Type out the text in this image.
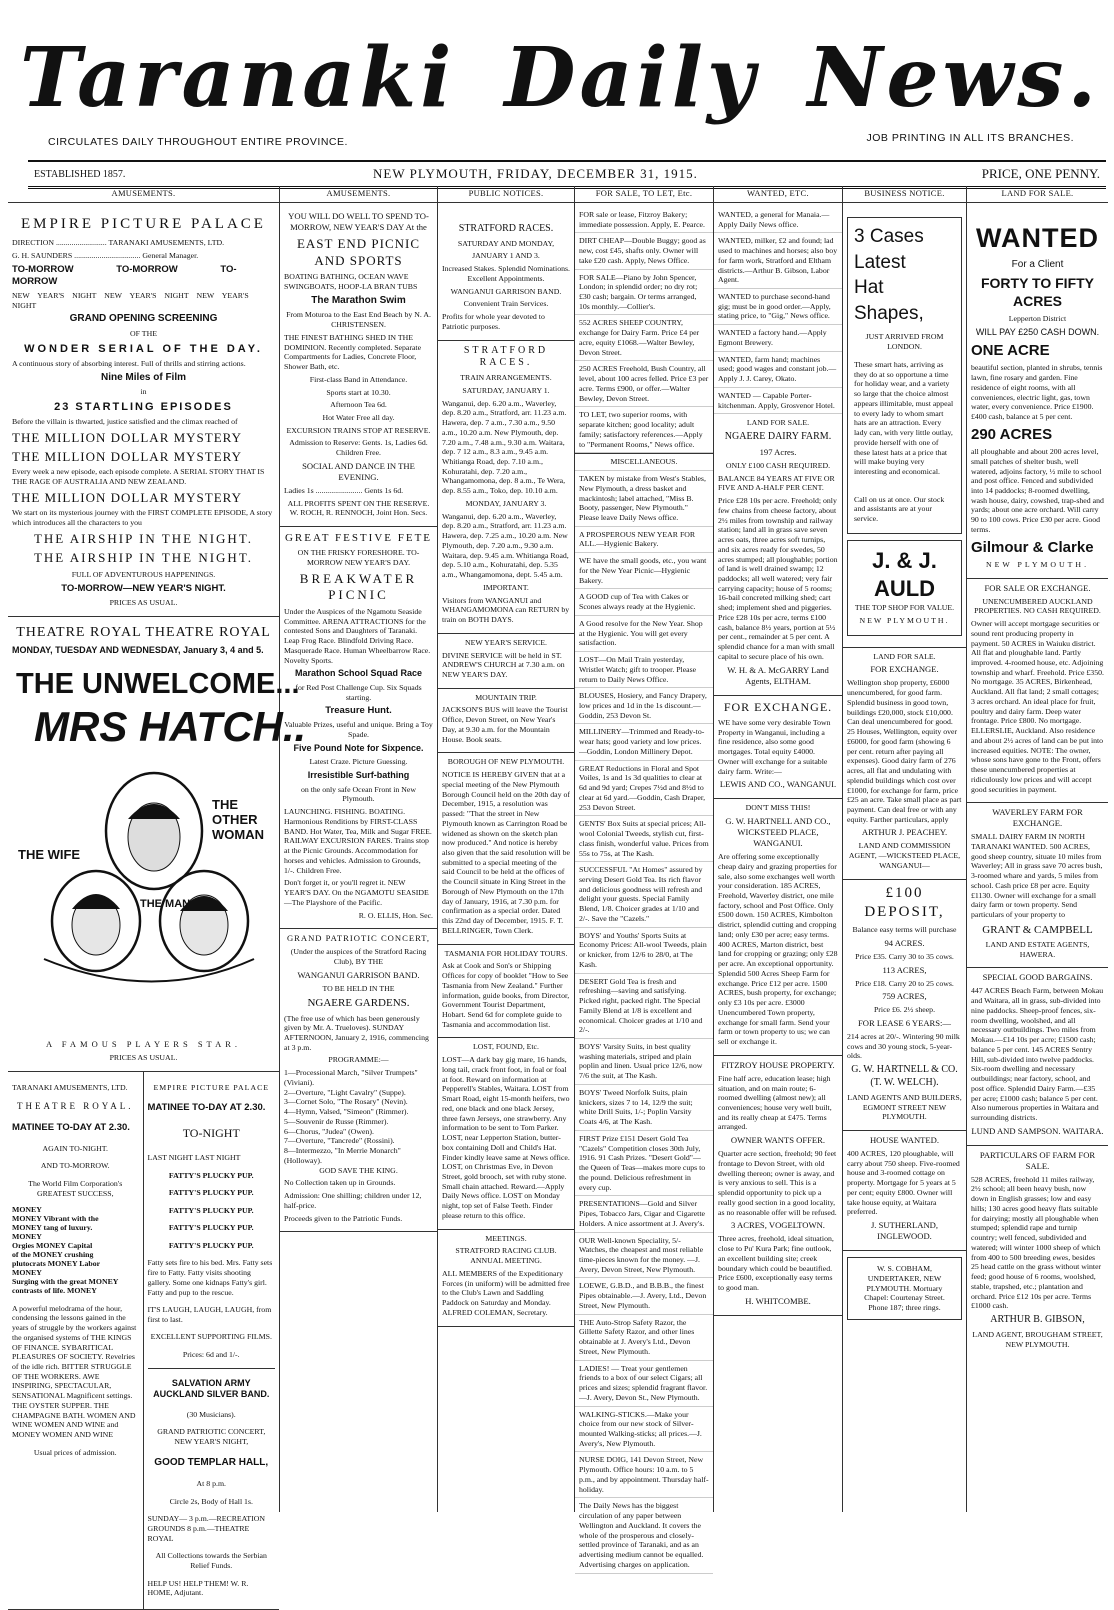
Taranaki Daily News.
CIRCULATES DAILY THROUGHOUT ENTIRE PROVINCE.	JOB PRINTING IN ALL ITS BRANCHES.
ESTABLISHED 1857.	NEW PLYMOUTH, FRIDAY, DECEMBER 31, 1915.	PRICE, ONE PENNY.
AMUSEMENTS.
EMPIRE PICTURE PALACE

DIRECTION .......................... TARANAKI AMUSEMENTS, LTD.

G. H. SAUNDERS .................................. General Manager.

TO-MORROW TO-MORROW TO-MORROW

NEW YEAR'S NIGHT NEW YEAR'S NIGHT NEW YEAR'S NIGHT

GRAND OPENING SCREENING

OF THE

WONDER SERIAL OF THE DAY.

A continuous story of absorbing interest. Full of thrills and stirring actions.

Nine Miles of Film

in

23 STARTLING EPISODES

Before the villain is thwarted, justice satisfied and the climax reached of

THE MILLION DOLLAR MYSTERY
THE MILLION DOLLAR MYSTERY

Every week a new episode, each episode complete. A SERIAL STORY THAT IS THE RAGE OF AUSTRALIA AND NEW ZEALAND.

THE MILLION DOLLAR MYSTERY

We start on its mysterious journey with the FIRST COMPLETE EPISODE, A story which introduces all the characters to you

THE AIRSHIP IN THE NIGHT.
THE AIRSHIP IN THE NIGHT.

FULL OF ADVENTUROUS HAPPENINGS.

TO-MORROW—NEW YEAR'S NIGHT.

PRICES AS USUAL.

THEATRE ROYAL THEATRE ROYAL

MONDAY, TUESDAY AND WEDNESDAY, January 3, 4 and 5.

THE UNWELCOME...
MRS HATCH..
THE
OTHER
WOMAN
THE MAN
THE WIFE

A FAMOUS PLAYERS STAR.

PRICES AS USUAL.

TARANAKI AMUSEMENTS, LTD.

THEATRE ROYAL.

MATINEE TO-DAY AT 2.30.

AGAIN TO-NIGHT.

AND TO-MORROW.

The World Film Corporation's GREATEST SUCCESS,

MONEY
MONEY Vibrant with the
MONEY tang of luxury.
MONEY
Orgies MONEY Capital
of the MONEY crushing
plutocrats MONEY Labor
MONEY
Surging with the great MONEY
contrasts of life. MONEY

A powerful melodrama of the hour, condensing the lessons gained in the years of struggle by the workers against the organised systems of THE KINGS OF FINANCE. SYBARITICAL PLEASURES OF SOCIETY. Revelries of the idle rich. BITTER STRUGGLE OF THE WORKERS. AWE INSPIRING, SPECTACULAR, SENSATIONAL Magnificent settings. THE OYSTER SUPPER. THE CHAMPAGNE BATH. WOMEN AND WINE WOMEN AND WINE and MONEY WOMEN AND WINE

Usual prices of admission.

EMPIRE PICTURE PALACE

MATINEE TO-DAY AT 2.30.

TO-NIGHT

LAST NIGHT LAST NIGHT

FATTY'S PLUCKY PUP.

FATTY'S PLUCKY PUP.

FATTY'S PLUCKY PUP.

FATTY'S PLUCKY PUP.

FATTY'S PLUCKY PUP.

Fatty sets fire to his bed. Mrs. Fatty sets fire to Fatty. Fatty visits shooting gallery. Some one kidnaps Fatty's girl. Fatty and pup to the rescue.

IT'S LAUGH, LAUGH, LAUGH, from first to last.

EXCELLENT SUPPORTING FILMS.

Prices: 6d and 1/-.

SALVATION ARMY AUCKLAND SILVER BAND.

(30 Musicians).

GRAND PATRIOTIC CONCERT, NEW YEAR'S NIGHT,

GOOD TEMPLAR HALL,

At 8 p.m.

Circle 2s, Body of Hall 1s.

SUNDAY— 3 p.m.—RECREATION GROUNDS 8 p.m.—THEATRE ROYAL

All Collections towards the Serbian Relief Funds.

HELP US! HELP THEM! W. R. HOME, Adjutant.

AMUSEMENTS.

YOU WILL DO WELL TO SPEND TO-MORROW, NEW YEAR'S DAY At the

EAST END PICNIC AND SPORTS

BOATING BATHING, OCEAN WAVE SWINGBOATS, HOOP-LA BRAN TUBS

The Marathon Swim

From Moturoa to the East End Beach by N. A. CHRISTENSEN.

THE FINEST BATHING SHED IN THE DOMINION. Recently completed. Separate Compartments for Ladies, Concrete Floor, Shower Bath, etc.

First-class Band in Attendance.

Sports start at 10.30.

Afternoon Tea 6d.

Hot Water Free all day.

EXCURSION TRAINS STOP AT RESERVE.

Admission to Reserve: Gents. 1s, Ladies 6d. Children Free.

SOCIAL AND DANCE IN THE EVENING.

Ladies 1s ........................ Gents 1s 6d.

ALL PROFITS SPENT ON THE RESERVE. W. ROCH, R. RENNOCH, Joint Hon. Secs.

GREAT FESTIVE FETE

ON THE FRISKY FORESHORE. TO-MORROW NEW YEAR'S DAY.

BREAKWATER PICNIC

Under the Auspices of the Ngamotu Seaside Committee. ARENA ATTRACTIONS for the contested Sons and Daughters of Taranaki. Leap Frog Race. Blindfold Driving Race. Masquerade Race. Human Wheelbarrow Race. Novelty Sports.

Marathon School Squad Race

for Red Post Challenge Cup. Six Squads starting.

Treasure Hunt.

Valuable Prizes, useful and unique. Bring a Toy Spade.

Five Pound Note for Sixpence.

Latest Craze. Picture Guessing.

Irresistible Surf-bathing

on the only safe Ocean Front in New Plymouth.

LAUNCHING. FISHING. BOATING. Harmonious Renditions by FIRST-CLASS BAND. Hot Water, Tea, Milk and Sugar FREE. RAILWAY EXCURSION FARES. Trains stop at the Picnic Grounds. Accommodation for horses and vehicles. Admission to Grounds, 1/-. Children Free.

Don't forget it, or you'll regret it. NEW YEAR'S DAY. On the NGAMOTU SEASIDE—The Playshore of the Pacific.

R. O. ELLIS, Hon. Sec.

GRAND PATRIOTIC CONCERT,

(Under the auspices of the Stratford Racing Club), BY THE

WANGANUI GARRISON BAND.

TO BE HELD IN THE

NGAERE GARDENS.

(The free use of which has been generously given by Mr. A. Trueloves). SUNDAY AFTERNOON, January 2, 1916, commencing at 3 p.m.

PROGRAMME:—

1—Processional March, "Silver Trumpets" (Viviani).
2—Overture, "Light Cavalry" (Suppe).
3—Cornet Solo, "The Rosary" (Nevin).
4—Hymn, Valsed, "Simeon" (Rimmer).
5—Souvenir de Russe (Rimmer).
6—Chorus, "Judea" (Owen).
7—Overture, "Tancrede" (Rossini).
8—Intermezzo, "In Merrie Monarch" (Holloway).

GOD SAVE THE KING.

No Collection taken up in Grounds.

Admission: One shilling; children under 12, half-price.

Proceeds given to the Patriotic Funds.

PUBLIC NOTICES.

STRATFORD RACES.

SATURDAY AND MONDAY,

JANUARY 1 AND 3.

Increased Stakes. Splendid Nominations. Excellent Appointments.

WANGANUI GARRISON BAND.

Convenient Train Services.

Profits for whole year devoted to Patriotic purposes.

STRATFORD RACES.

TRAIN ARRANGEMENTS.

SATURDAY, JANUARY 1.

Wanganui, dep. 6.20 a.m., Waverley, dep. 8.20 a.m., Stratford, arr. 11.23 a.m. Hawera, dep. 7 a.m., 7.30 a.m., 9.50 a.m., 10.20 a.m. New Plymouth, dep. 7.20 a.m., 7.48 a.m., 9.30 a.m. Waitara, dep. 7 12 a.m., 8.3 a.m., 9.45 a.m. Whitianga Road, dep. 7.10 a.m., Kohuratahi, dep. 7.20 a.m., Whangamomona, dep. 8 a.m., Te Wera, dep. 8.55 a.m., Toko, dep. 10.10 a.m.

MONDAY, JANUARY 3.

Wanganui, dep. 6.20 a.m., Waverley, dep. 8.20 a.m., Stratford, arr. 11.23 a.m. Hawera, dep. 7.25 a.m., 10.20 a.m. New Plymouth, dep. 7.20 a.m., 9.30 a.m. Waitara, dep. 9.45 a.m. Whitianga Road, dep. 5.10 a.m., Kohuratahi, dep. 5.35 a.m., Whangamomona, dept. 5.45 a.m.

IMPORTANT.

Visitors from WANGANUI and WHANGAMOMONA can RETURN by train on BOTH DAYS.

NEW YEAR'S SERVICE.

DIVINE SERVICE will be held in ST. ANDREW'S CHURCH at 7.30 a.m. on NEW YEAR'S DAY.

MOUNTAIN TRIP.

JACKSON'S BUS will leave the Tourist Office, Devon Street, on New Year's Day, at 9.30 a.m. for the Mountain House. Book seats.

BOROUGH OF NEW PLYMOUTH.

NOTICE IS HEREBY GIVEN that at a special meeting of the New Plymouth Borough Council held on the 20th day of December, 1915, a resolution was passed: "That the street in New Plymouth known as Carrington Road be widened as shown on the sketch plan now produced." And notice is hereby also given that the said resolution will be submitted to a special meeting of the said Council to be held at the offices of the Council situate in King Street in the Borough of New Plymouth on the 17th day of January, 1916, at 7.30 p.m. for confirmation as a special order. Dated this 22nd day of December, 1915. F. T. BELLRINGER, Town Clerk.

TASMANIA FOR HOLIDAY TOURS.

Ask at Cook and Son's or Shipping Offices for copy of booklet "How to See Tasmania from New Zealand." Further information, guide books, from Director, Government Tourist Department, Hobart. Send 6d for complete guide to Tasmania and accommodation list.

LOST, FOUND, Etc.

LOST—A dark bay gig mare, 16 hands, long tail, crack front foot, in foal or foal at foot. Reward on information at Pepperell's Stables, Waitara. LOST from Smart Road, eight 15-month heifers, two red, one black and one black Jersey, three fawn Jerseys, one strawberry. Any information to be sent to Tom Parker. LOST, near Lepperton Station, butter-box containing Doll and Child's Hat. Finder kindly leave same at News office. LOST, on Christmas Eve, in Devon Street, gold brooch, set with ruby stone. Small chain attached. Reward.—Apply Daily News office. LOST on Monday night, top set of False Teeth. Finder please return to this office.

MEETINGS.

STRATFORD RACING CLUB. ANNUAL MEETING.

ALL MEMBERS of the Expeditionary Forces (in uniform) will be admitted free to the Club's Lawn and Saddling Paddock on Saturday and Monday. ALFRED COLEMAN, Secretary.

FOR SALE, TO LET, Etc.
FOR sale or lease, Fitzroy Bakery; immediate possession. Apply, E. Pearce.
DIRT CHEAP—Double Buggy; good as new, cost £45, shafts only. Owner will take £20 cash. Apply, News Office.
FOR SALE—Piano by John Spencer, London; in splendid order; no dry rot; £30 cash; bargain. Or terms arranged, 10s monthly.—Collier's.
552 ACRES SHEEP COUNTRY, exchange for Dairy Farm. Price £4 per acre, equity £1068.—Walter Bewley, Devon Street.
250 ACRES Freehold, Bush Country, all level, about 100 acres felled. Price £3 per acre. Terms £900, or offer.—Walter Bewley, Devon Street.
TO LET, two superior rooms, with separate kitchen; good locality; adult family; satisfactory references.—Apply to "Permanent Rooms," News office.
MISCELLANEOUS.
TAKEN by mistake from West's Stables, New Plymouth, a dress basket and mackintosh; label attached, "Miss B. Booty, passenger, New Plymouth." Please leave Daily News office.
A PROSPEROUS NEW YEAR FOR ALL.—Hygienic Bakery.
WE have the small goods, etc., you want for the New Year Picnic—Hygienic Bakery.
A GOOD cup of Tea with Cakes or Scones always ready at the Hygienic.
A Good resolve for the New Year. Shop at the Hygienic. You will get every satisfaction.
LOST—On Mail Train yesterday, Wristlet Watch; gift to trooper. Please return to Daily News Office.
BLOUSES, Hosiery, and Fancy Drapery, low prices and 1d in the 1s discount.—Goddin, 253 Devon St.
MILLINERY—Trimmed and Ready-to-wear hats; good variety and low prices.—Goddin, London Millinery Depot.
GREAT Reductions in Floral and Spot Voiles, 1s and 1s 3d qualities to clear at 6d and 9d yard; Crepes 7½d and 8½d to clear at 6d yard.—Goddin, Cash Draper, 253 Devon Street.
GENTS' Box Suits at special prices; All-wool Colonial Tweeds, stylish cut, first-class finish, wonderful value. Prices from 55s to 75s, at The Kash.
SUCCESSFUL "At Homes" assured by serving Desert Gold Tea. Its rich flavor and delicious goodness will refresh and delight your guests. Special Family Blend, 1/8. Choicer grades at 1/10 and 2/-. Save the "Cazels."
BOYS' and Youths' Sports Suits at Economy Prices: All-wool Tweeds, plain or knicker, from 12/6 to 28/0, at The Kash.
DESERT Gold Tea is fresh and refreshing—saving and satisfying. Picked right, packed right. The Special Family Blend at 1/8 is excellent and economical. Choicer grades at 1/10 and 2/-.
BOYS' Varsity Suits, in best quality washing materials, striped and plain poplin and linen. Usual price 12/6, now 7/6 the suit, at The Kash.
BOYS' Tweed Norfolk Suits, plain knickers, sizes 7 to 14, 12/9 the suit; white Drill Suits, 1/-; Poplin Varsity Coats 4/6, at The Kash.
FIRST Prize £151 Desert Gold Tea "Cazels" Competition closes 30th July, 1916. 91 Cash Prizes. "Desert Gold"—the Queen of Teas—makes more cups to the pound. Delicious refreshment in every cup.
PRESENTATIONS—Gold and Silver Pipes, Tobacco Jars, Cigar and Cigarette Holders. A nice assortment at J. Avery's.
OUR Well-known Speciality, 5/- Watches, the cheapest and most reliable time-pieces known for the money. —J. Avery, Devon Street, New Plymouth.
LOEWE, G.B.D., and B.B.B., the finest Pipes obtainable.—J. Avery, Ltd., Devon Street, New Plymouth.
THE Auto-Strop Safety Razor, the Gillette Safety Razor, and other lines obtainable at J. Avery's Ltd., Devon Street, New Plymouth.
LADIES! — Treat your gentlemen friends to a box of our select Cigars; all prices and sizes; splendid fragrant flavor.—J. Avery, Devon St., New Plymouth.
WALKING-STICKS.—Make your choice from our new stock of Silver-mounted Walking-sticks; all prices.—J. Avery's, New Plymouth.
NURSE DOIG, 141 Devon Street, New Plymouth. Office hours: 10 a.m. to 5 p.m., and by appointment. Thursday half-holiday.
The Daily News has the biggest circulation of any paper between Wellington and Auckland. It covers the whole of the prosperous and closely-settled province of Taranaki, and as an advertising medium cannot be equalled. Advertising charges on application.
WANTED, ETC.
WANTED, a general for Manaia.—Apply Daily News office.
WANTED, milker, £2 and found; lad used to machines and horses; also boy for farm work, Stratford and Eltham districts.—Arthur B. Gibson, Labor Agent.
WANTED to purchase second-hand gig; must be in good order.—Apply, stating price, to "Gig," News office.
WANTED a factory hand.—Apply Egmont Brewery.
WANTED, farm hand; machines used; good wages and constant job.—Apply J. J. Carey, Okato.
WANTED — Capable Porter-kitchenman. Apply, Grosvenor Hotel.

LAND FOR SALE.

NGAERE DAIRY FARM.

197 Acres.

ONLY £100 CASH REQUIRED.

BALANCE 84 YEARS AT FIVE OR FIVE AND A-HALF PER CENT.

Price £28 10s per acre. Freehold; only few chains from cheese factory, about 2½ miles from township and railway station; land all in grass save seven acres oats, three acres soft turnips, and six acres ready for swedes, 50 acres stumped; all ploughable; portion of land is well drained swamp; 12 paddocks; all well watered; very fair carrying capacity; house of 5 rooms; 16-bail concreted milking shed; cart shed; implement shed and piggeries. Price £28 10s per acre, terms £100 cash, balance 8½ years, portion at 5½ per cent., remainder at 5 per cent. A splendid chance for a man with small capital to secure place of his own.

W. H. & A. McGARRY Land Agents, ELTHAM.

FOR EXCHANGE.

WE have some very desirable Town Property in Wanganui, including a fine residence, also some good mortgages. Total equity £4000. Owner will exchange for a suitable dairy farm. Write:—

LEWIS AND CO., WANGANUI.

DON'T MISS THIS!

G. W. HARTNELL AND CO., WICKSTEED PLACE, WANGANUI.

Are offering some exceptionally cheap dairy and grazing properties for sale, also some exchanges well worth your consideration. 185 ACRES, Freehold, Waverley district, one mile factory, school and Post Office. Only £500 down. 150 ACRES, Kimbolton district, splendid cutting and cropping land; only £30 per acre; easy terms. 400 ACRES, Marton district, best land for cropping or grazing; only £28 per acre. An exceptional opportunity. Splendid 500 Acres Sheep Farm for exchange. Price £12 per acre. 1500 ACRES, bush property, for exchange; only £3 10s per acre. £3000 Unencumbered Town property, exchange for small farm. Send your farm or town property to us; we can sell or exchange it.

FITZROY HOUSE PROPERTY.

Fine half acre, education lease; high situation, and on main route; 6-roomed dwelling (almost new); all conveniences; house very well built, and its really cheap at £475. Terms arranged.

OWNER WANTS OFFER.

Quarter acre section, freehold; 90 feet frontage to Devon Street, with old dwelling thereon; owner is away, and is very anxious to sell. This is a splendid opportunity to pick up a really good section in a good locality, as no reasonable offer will be refused.

3 ACRES, VOGELTOWN.

Three acres, freehold, ideal situation, close to Pu' Kura Park; fine outlook, an excellent building site; creek boundary which could be beautified. Price £600, exceptionally easy terms to good man.

H. WHITCOMBE.

BUSINESS NOTICE.
3 Cases
Latest
Hat Shapes,

JUST ARRIVED FROM LONDON.

These smart hats, arriving as they do at so opportune a time for holiday wear, and a variety so large that the choice almost appears illimitable, must appeal to every lady to whom smart hats are an attraction. Every lady can, with very little outlay, provide herself with one of these latest hats at a price that will make buying very interesting and economical.

Call on us at once. Our stock and assistants are at your service.

J. & J. AULD

THE TOP SHOP FOR VALUE.

NEW PLYMOUTH.

LAND FOR SALE.

FOR EXCHANGE.

Wellington shop property, £6000 unencumbered, for good farm. Splendid business in good town, buildings £20,000, stock £10,000. Can deal unencumbered for good. 25 Houses, Wellington, equity over £6000, for good farm (showing 6 per cent. return after paying all expenses). Good dairy farm of 276 acres, all flat and undulating with splendid buildings which cost over £1000, for exchange for farm, price £25 an acre. Take small place as part payment. Can deal free or with any equity. Farther particulars, apply

ARTHUR J. PEACHEY.

LAND AND COMMISSION AGENT, —WICKSTEED PLACE, WANGANUI—

£100 DEPOSIT,

Balance easy terms will purchase

94 ACRES.

Price £35. Carry 30 to 35 cows.

113 ACRES,

Price £18. Carry 20 to 25 cows.

759 ACRES,

Price £6. 2½ sheep.

FOR LEASE 6 YEARS:—

214 acres at 20/-. Wintering 90 milk cows and 30 young stock, 5-year-olds.

G. W. HARTNELL & CO. (T. W. WELCH).

LAND AGENTS AND BUILDERS, EGMONT STREET NEW PLYMOUTH.

HOUSE WANTED.

400 ACRES, 120 ploughable, will carry about 750 sheep. Five-roomed house and 3-roomed cottage on property. Mortgage for 5 years at 5 per cent; equity £800. Owner will take house equity, at Waitara preferred.

J. SUTHERLAND, INGLEWOOD.

W. S. COBHAM, UNDERTAKER, NEW PLYMOUTH. Mortuary Chapel: Courtenay Street. Phone 187; three rings.
LAND FOR SALE.
WANTED

For a Client

FORTY TO FIFTY ACRES

Lepperton District

WILL PAY £250 CASH DOWN.

ONE ACRE

beautiful section, planted in shrubs, tennis lawn, fine rosary and garden. Fine residence of eight rooms, with all conveniences, electric light, gas, town water, every convenience. Price £1900. £400 cash, balance at 5 per cent.

290 ACRES

all ploughable and about 200 acres level, small patches of shelter bush, well watered, adjoins factory, ½ mile to school and post office. Fenced and subdivided into 14 paddocks; 8-roomed dwelling, wash house, dairy, cowshed, trap-shed and yards; about one acre orchard. Will carry 90 to 100 cows. Price £30 per acre. Good terms.

Gilmour & Clarke

NEW PLYMOUTH.

FOR SALE OR EXCHANGE.

UNENCUMBERED AUCKLAND PROPERTIES. NO CASH REQUIRED.

Owner will accept mortgage securities or sound rent producing property in payment. 50 ACRES in Waiuku district. All flat and ploughable land. Partly improved. 4-roomed house, etc. Adjoining township and wharf. Freehold. Price £350. No mortgage. 35 ACRES, Birkenhead, Auckland. All flat land; 2 small cottages; 3 acres orchard. An ideal place for fruit, poultry and dairy farm. Deep water frontage. Price £800. No mortgage. ELLERSLIE, Auckland. Also residence and about 2½ acres of land can be put into increased equities. NOTE: The owner, whose sons have gone to the Front, offers these unencumbered properties at ridiculously low prices and will accept good securities in payment.

WAVERLEY FARM FOR EXCHANGE.

SMALL DAIRY FARM IN NORTH TARANAKI WANTED. 500 ACRES, good sheep country, situate 10 miles from Waverley; All in grass save 70 acres bush, 3-roomed whare and yards, 5 miles from school. Cash price £8 per acre. Equity £1130. Owner will exchange for a small dairy farm or town property. Send particulars of your property to

GRANT & CAMPBELL

LAND AND ESTATE AGENTS, HAWERA.

SPECIAL GOOD BARGAINS.

447 ACRES Beach Farm, between Mokau and Waitara, all in grass, sub-divided into nine paddocks. Sheep-proof fences, six-room dwelling, woolshed, and all necessary outbuildings. Two miles from Mokau.—£14 10s per acre; £1500 cash; balance 5 per cent. 145 ACRES Sentry Hill, sub-divided into twelve paddocks. Six-room dwelling and necessary outbuildings; near factory, school, and post office. Splendid Dairy Farm.—£35 per acre; £1000 cash; balance 5 per cent. Also numerous properties in Waitara and surrounding districts.

LUND AND SAMPSON. WAITARA.

PARTICULARS OF FARM FOR SALE.

528 ACRES, freehold 11 miles railway, 2½ school; all been heavy bush, now down in English grasses; low and easy hills; 130 acres good heavy flats suitable for dairying; mostly all ploughable when stumped; splendid rape and turnip country; well fenced, subdivided and watered; will winter 1000 sheep of which from 400 to 500 breeding ewes, besides 25 head cattle on the grass without winter feed; good house of 6 rooms, woolshed, stable, trapshed, etc.; plantation and orchard. Price £12 10s per acre. Terms £1000 cash.

ARTHUR B. GIBSON,

LAND AGENT, BROUGHAM STREET, NEW PLYMOUTH.
